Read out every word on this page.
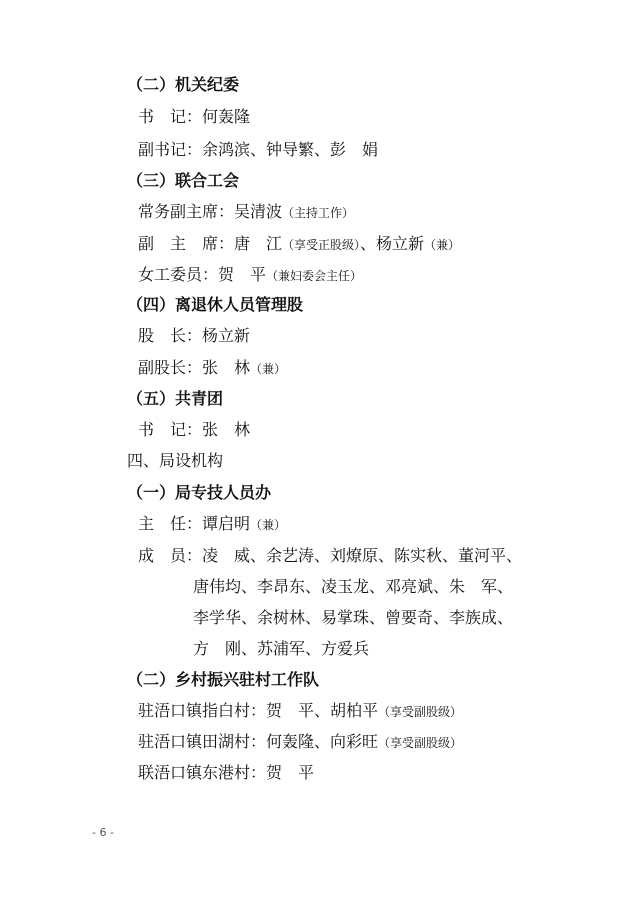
（二）机关纪委
书　记：何轰隆
副书记：余鸿滨、钟导繁、彭　娟
（三）联合工会
常务副主席：吴清波（主持工作）
副　主　席：唐　江（享受正股级）、杨立新（兼）
女工委员：贺　平（兼妇委会主任）
（四）离退休人员管理股
股　长：杨立新
副股长：张　林（兼）
（五）共青团
书　记：张　林
四、局设机构
（一）局专技人员办
主　任：谭启明（兼）
成　员：凌　威、余艺涛、刘燎原、陈实秋、董河平、
唐伟均、李昂东、凌玉龙、邓亮斌、朱　军、
李学华、余树林、易掌珠、曾要奇、李族成、
方　刚、苏浦军、方爱兵
（二）乡村振兴驻村工作队
驻浯口镇指白村：贺　平、胡柏平（享受副股级）
驻浯口镇田湖村：何轰隆、向彩旺（享受副股级）
联浯口镇东港村：贺　平
- 6 -
